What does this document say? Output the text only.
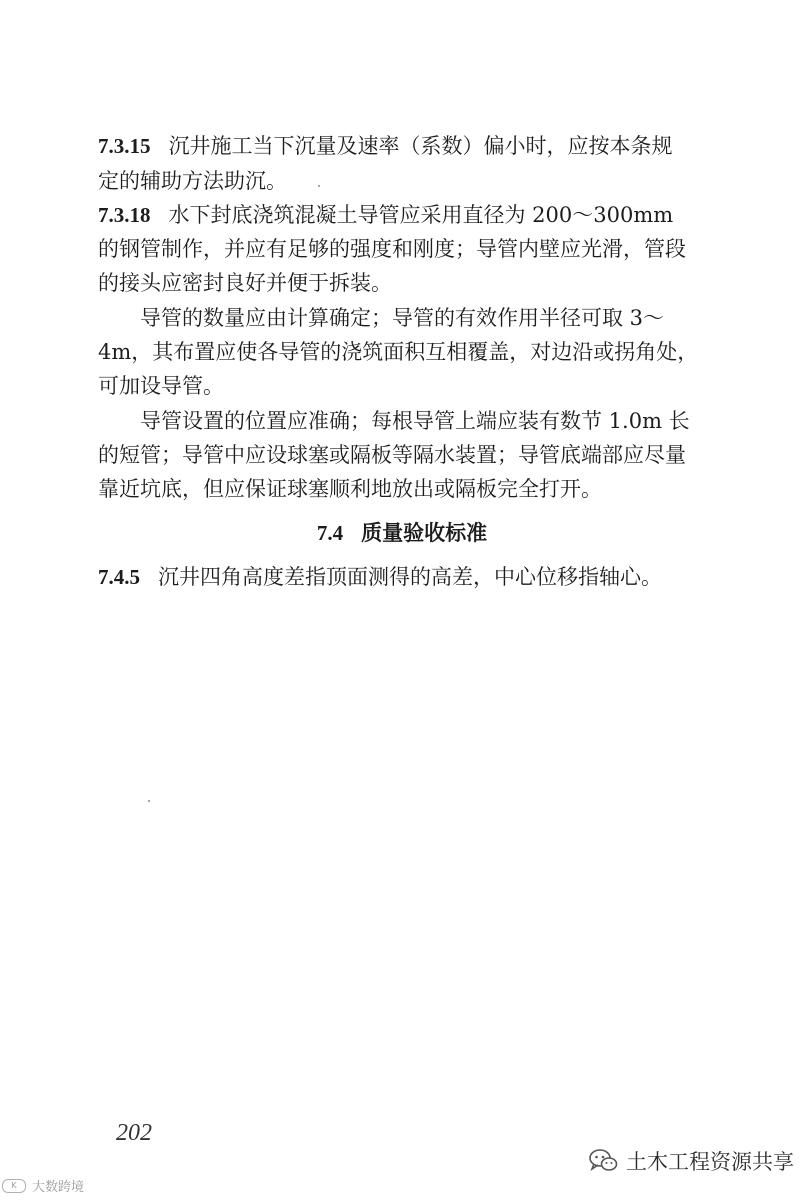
7.3.15 沉井施工当下沉量及速率（系数）偏小时，应按本条规
定的辅助方法助沉。
7.3.18 水下封底浇筑混凝土导管应采用直径为 200～300mm
的钢管制作，并应有足够的强度和刚度；导管内壁应光滑，管段
的接头应密封良好并便于拆装。
导管的数量应由计算确定；导管的有效作用半径可取 3～
4m，其布置应使各导管的浇筑面积互相覆盖，对边沿或拐角处，
可加设导管。
导管设置的位置应准确；每根导管上端应装有数节 1.0m 长
的短管；导管中应设球塞或隔板等隔水装置；导管底端部应尽量
靠近坑底，但应保证球塞顺利地放出或隔板完全打开。
7.4 质量验收标准
7.4.5 沉井四角高度差指顶面测得的高差，中心位移指轴心。
202
K	大数跨境
土木工程资源共享
